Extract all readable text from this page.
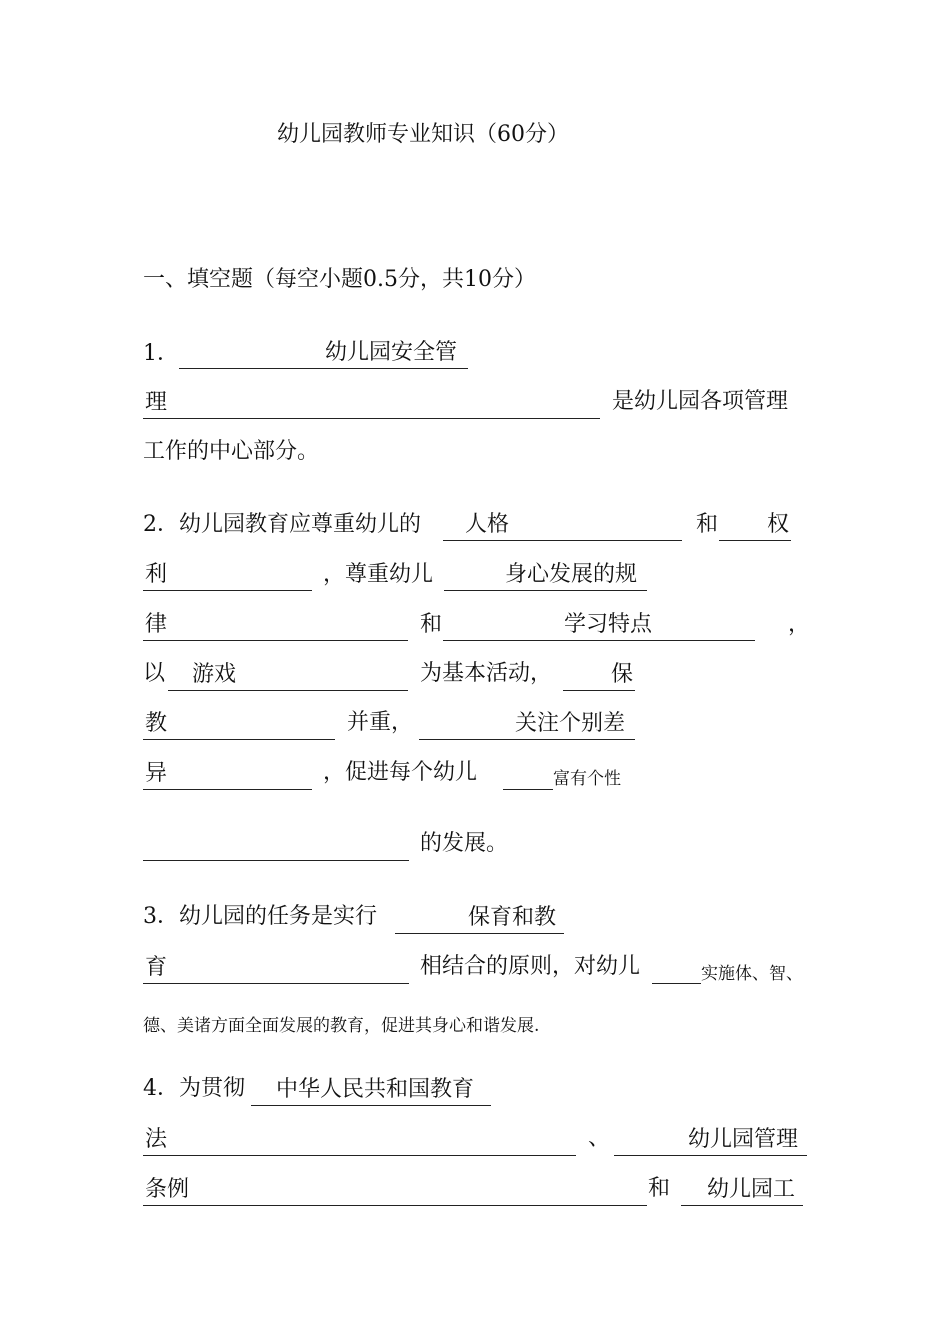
幼儿园教师专业知识（60分）
一、填空题（每空小题0.5分，共10分）
1．	幼儿园安全管
理	是幼儿园各项管理
工作的中心部分。
2．幼儿园教育应尊重幼儿的 人格	和 权
利	，尊重幼儿	身心发展的规
律	和	学习特点	，
以 游戏	为基本活动，	保
教	并重，	关注个别差
异	，促进每个幼儿	富有个性
的发展。
3．幼儿园的任务是实行	保育和教
育	相结合的原则，对幼儿	实施体、智、
德、美诸方面全面发展的教育，促进其身心和谐发展.
4．为贯彻 中华人民共和国教育
法	、	幼儿园管理
条例	和 幼儿园工
